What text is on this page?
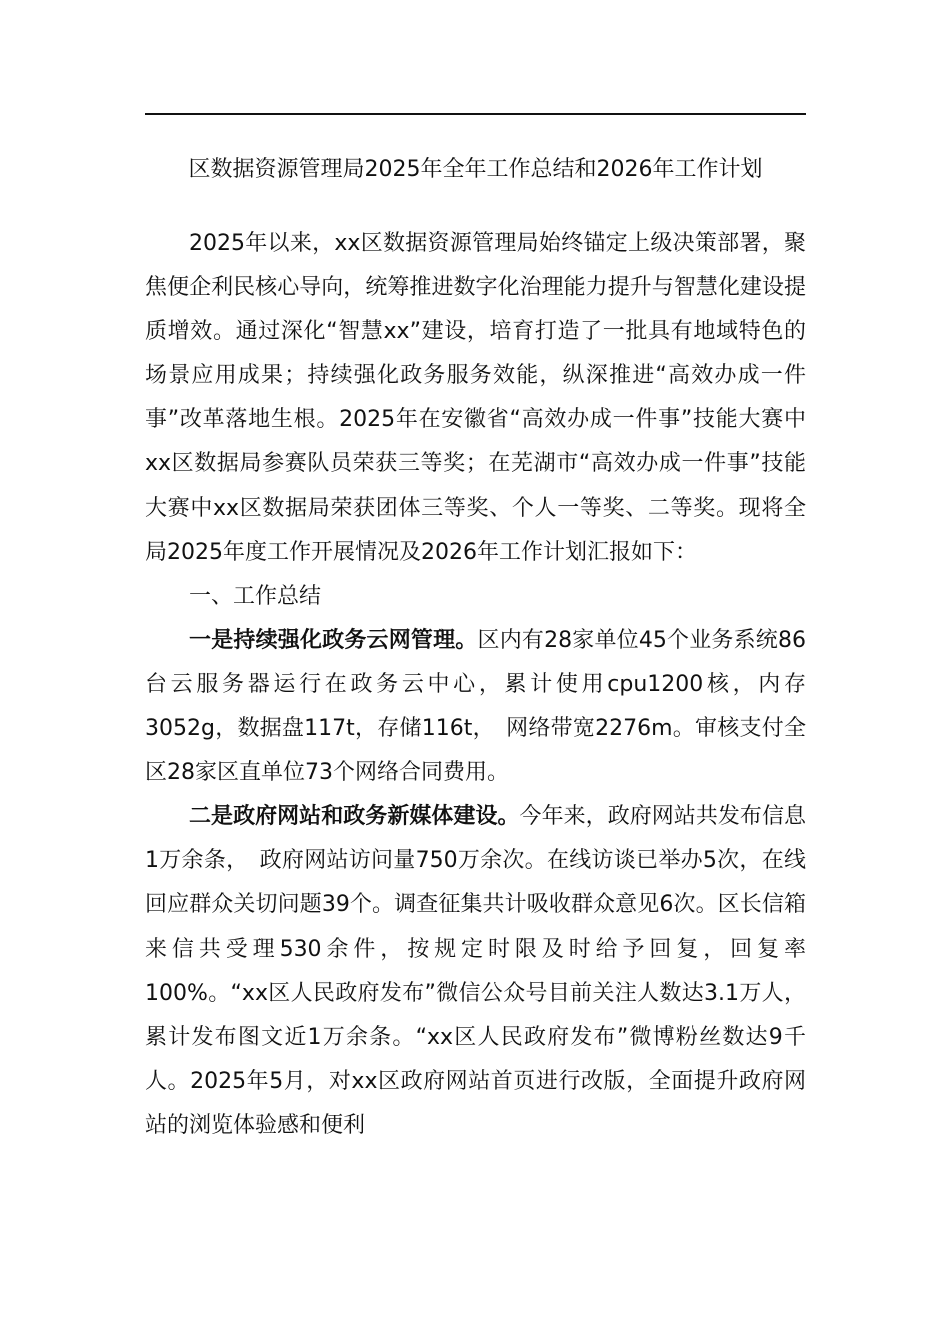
区数据资源管理局2025年全年工作总结和2026年工作计划

2025年以来，xx区数据资源管理局始终锚定上级决策部署，聚焦便企利民核心导向，统筹推进数字化治理能力提升与智慧化建设提质增效。通过深化“智慧xx”建设，培育打造了一批具有地域特色的场景应用成果；持续强化政务服务效能，纵深推进“高效办成一件事”改革落地生根。2025年在安徽省“高效办成一件事”技能大赛中xx区数据局参赛队员荣获三等奖；在芜湖市“高效办成一件事”技能大赛中xx区数据局荣获团体三等奖、个人一等奖、二等奖。现将全局2025年度工作开展情况及2026年工作计划汇报如下：

一、工作总结

一是持续强化政务云网管理。区内有28家单位45个业务系统86台云服务器运行在政务云中心，累计使用cpu1200核，内存3052g，数据盘117t，存储116t，　网络带宽2276m。审核支付全区28家区直单位73个网络合同费用。

二是政府网站和政务新媒体建设。今年来，政府网站共发布信息1万余条，　政府网站访问量750万余次。在线访谈已举办5次，在线回应群众关切问题39个。调查征集共计吸收群众意见6次。区长信箱来信共受理530余件，按规定时限及时给予回复，回复率100%。“xx区人民政府发布”微信公众号目前关注人数达3.1万人，累计发布图文近1万余条。“xx区人民政府发布”微博粉丝数达9千人。2025年5月，对xx区政府网站首页进行改版，全面提升政府网站的浏览体验感和便利
